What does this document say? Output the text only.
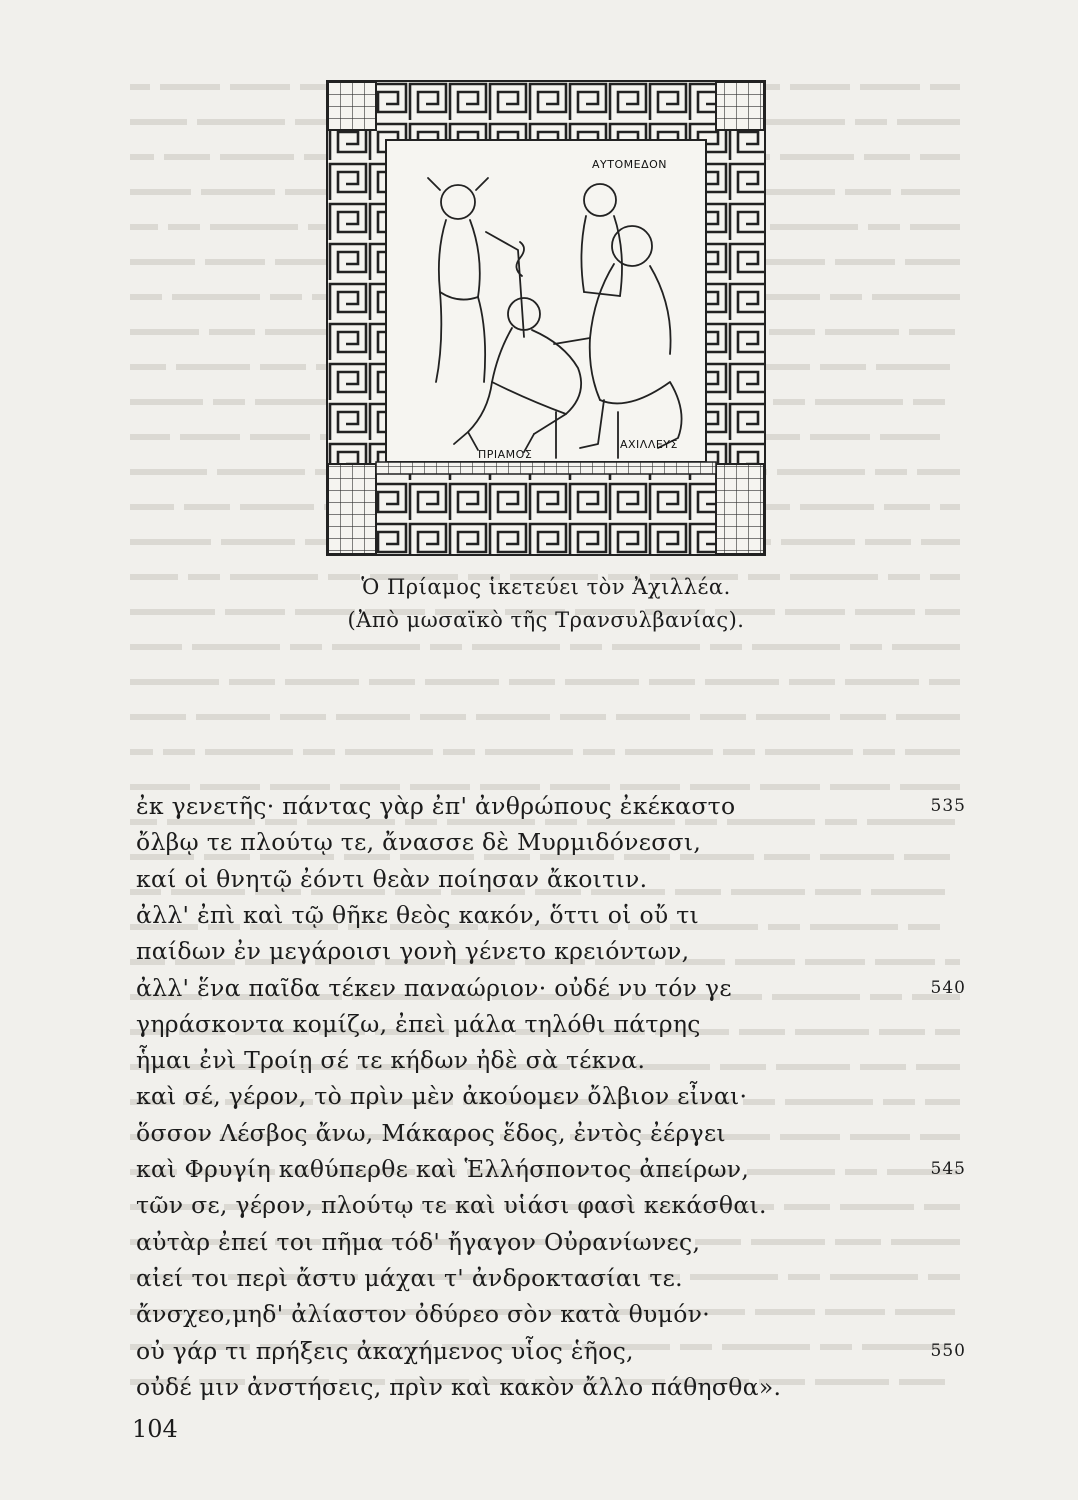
ΑΥΤΟΜΕΔΟΝ
ΠΡΙΑΜΟΣ
ΑΧΙΛΛΕΥΣ
Ὁ Πρίαμος ἱκετεύει τὸν Ἀχιλλέα.
(Ἀπὸ μωσαϊκὸ τῆς Τρανσυλβανίας).
ἐκ γενετῆς· πάντας γὰρ ἐπ' ἀνθρώπους ἐκέκαστο	535
ὄλβῳ τε πλούτῳ τε, ἄνασσε δὲ Μυρμιδόνεσσι,
καί οἱ θνητῷ ἐόντι θεὰν ποίησαν ἄκοιτιν.
ἀλλ' ἐπὶ καὶ τῷ θῆκε θεὸς κακόν, ὅττι οἱ οὔ τι
παίδων ἐν μεγάροισι γονὴ γένετο κρειόντων,
ἀλλ' ἕνα παῖδα τέκεν παναώριον· οὐδέ νυ τόν γε	540
γηράσκοντα κομίζω, ἐπεὶ μάλα τηλόθι πάτρης
ἧμαι ἐνὶ Τροίῃ σέ τε κήδων ἠδὲ σὰ τέκνα.
καὶ σέ, γέρον, τὸ πρὶν μὲν ἀκούομεν ὄλβιον εἶναι·
ὅσσον Λέσβος ἄνω, Μάκαρος ἕδος, ἐντὸς ἐέργει
καὶ Φρυγίη καθύπερθε καὶ Ἑλλήσποντος ἀπείρων,	545
τῶν σε, γέρον, πλούτῳ τε καὶ υἱάσι φασὶ κεκάσθαι.
αὐτὰρ ἐπεί τοι πῆμα τόδ' ἤγαγον Οὐρανίωνες,
αἰεί τοι περὶ ἄστυ μάχαι τ' ἀνδροκτασίαι τε.
ἄνσχεο,μηδ' ἀλίαστον ὀδύρεο σὸν κατὰ θυμόν·
οὐ γάρ τι πρήξεις ἀκαχήμενος υἷος ἑῆος,	550
οὐδέ μιν ἀνστήσεις, πρὶν καὶ κακὸν ἄλλο πάθησθα».
104
